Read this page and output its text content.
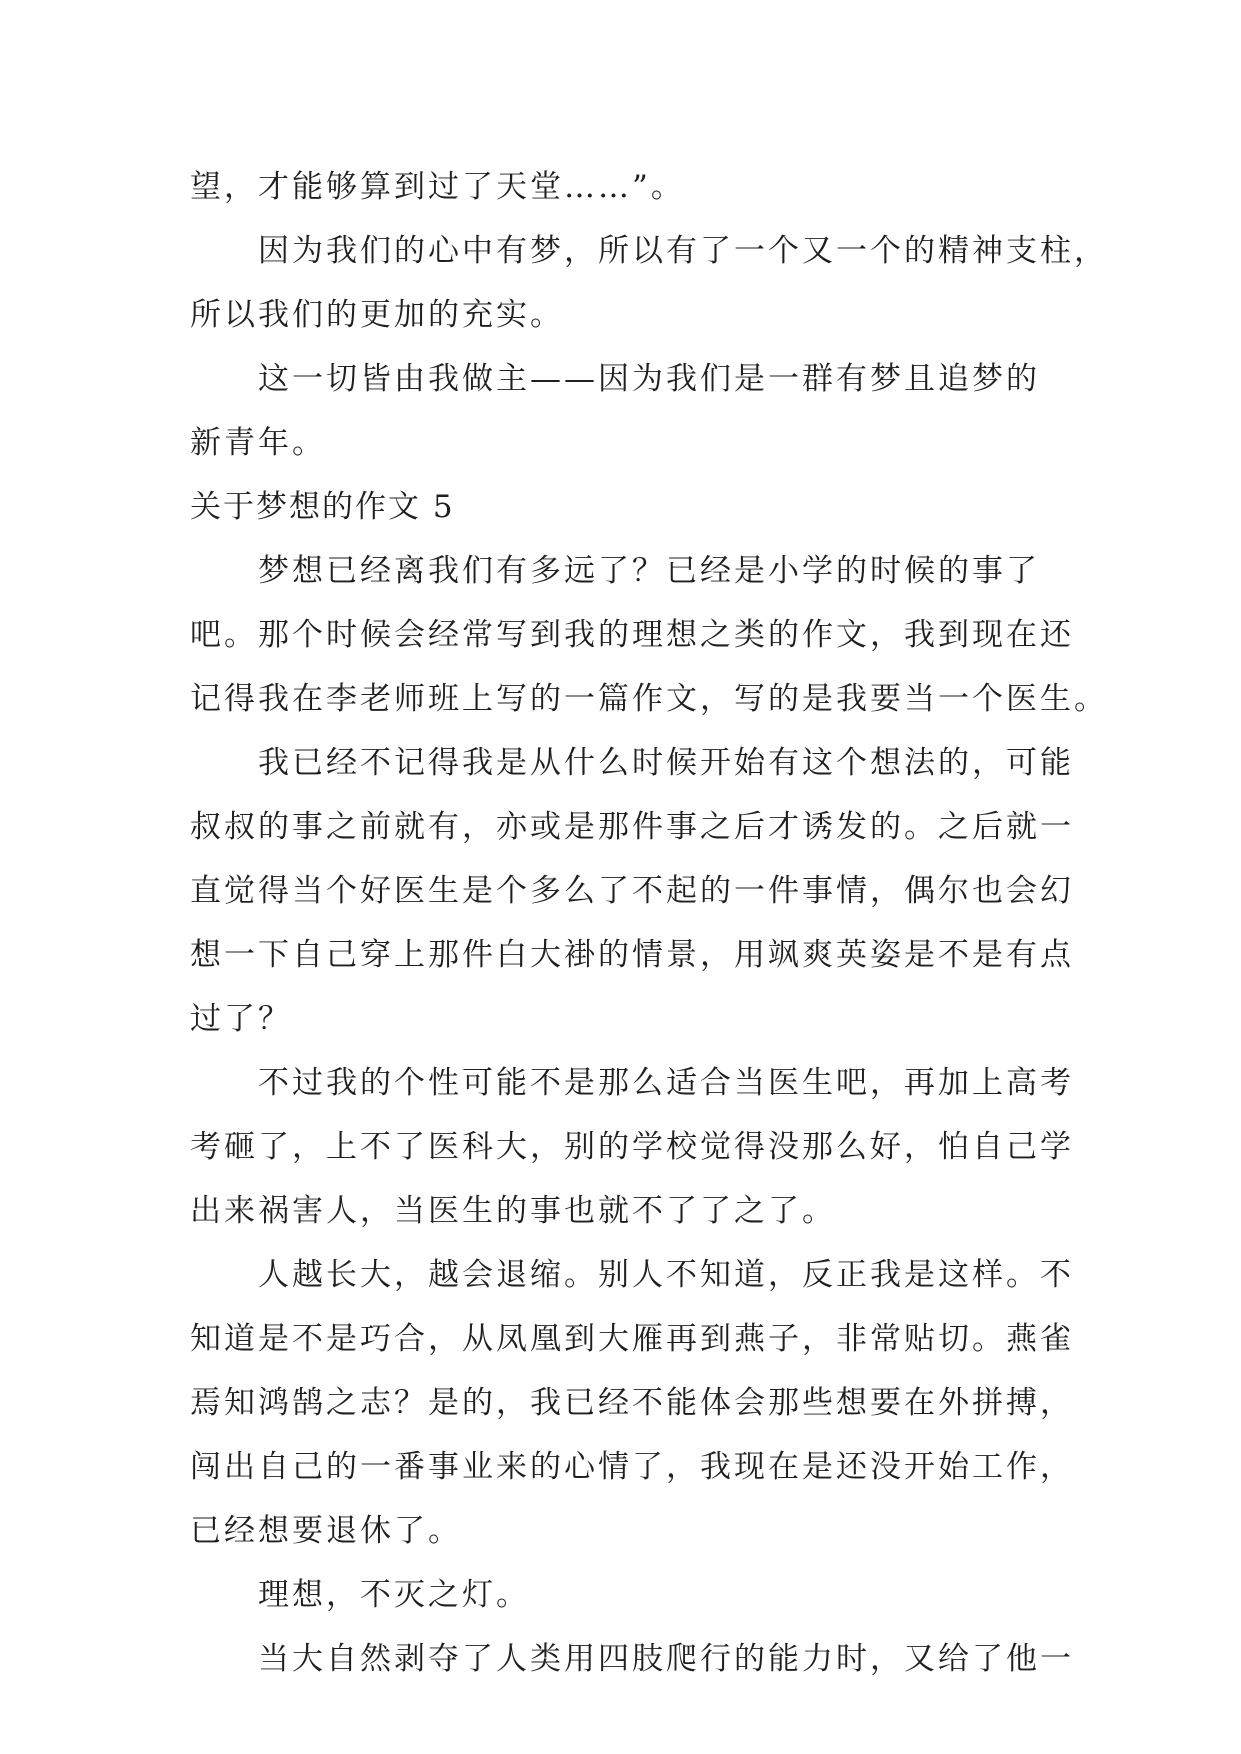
望，才能够算到过了天堂……”。
因为我们的心中有梦，所以有了一个又一个的精神支柱，
所以我们的更加的充实。
这一切皆由我做主——因为我们是一群有梦且追梦的
新青年。
关于梦想的作文 5
梦想已经离我们有多远了？已经是小学的时候的事了
吧。那个时候会经常写到我的理想之类的作文，我到现在还
记得我在李老师班上写的一篇作文，写的是我要当一个医生。
我已经不记得我是从什么时候开始有这个想法的，可能
叔叔的事之前就有，亦或是那件事之后才诱发的。之后就一
直觉得当个好医生是个多么了不起的一件事情，偶尔也会幻
想一下自己穿上那件白大褂的情景，用飒爽英姿是不是有点
过了？
不过我的个性可能不是那么适合当医生吧，再加上高考
考砸了，上不了医科大，别的学校觉得没那么好，怕自己学
出来祸害人，当医生的事也就不了了之了。
人越长大，越会退缩。别人不知道，反正我是这样。不
知道是不是巧合，从凤凰到大雁再到燕子，非常贴切。燕雀
焉知鸿鹄之志？是的，我已经不能体会那些想要在外拼搏，
闯出自己的一番事业来的心情了，我现在是还没开始工作，
已经想要退休了。
理想，不灭之灯。
当大自然剥夺了人类用四肢爬行的能力时，又给了他一
